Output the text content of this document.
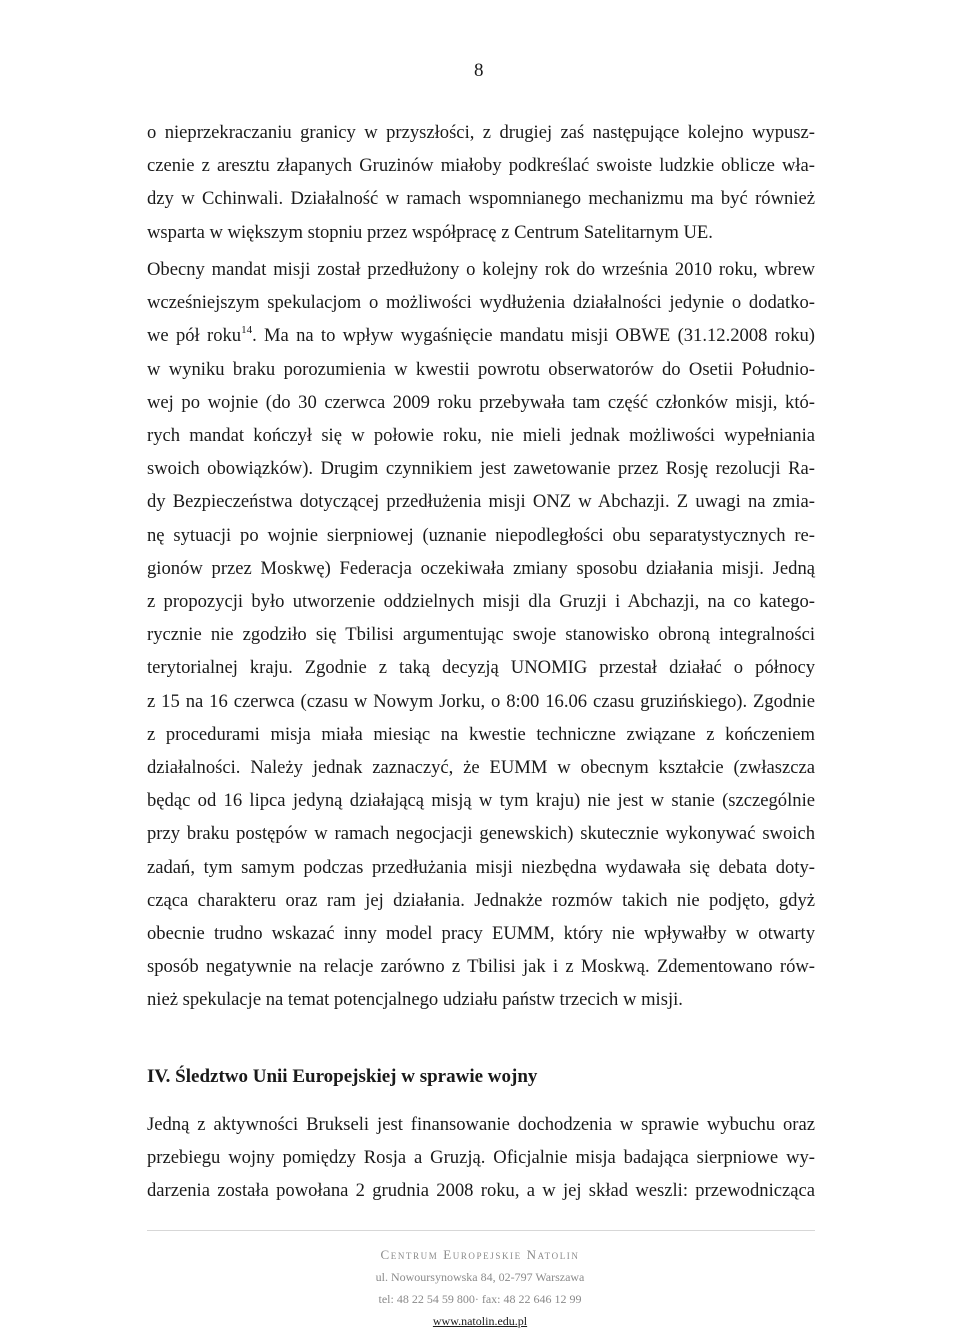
8
o nieprzekraczaniu granicy w przyszłości, z drugiej zaś następujące kolejno wypusz-
czenie z aresztu złapanych Gruzinów miałoby podkreślać swoiste ludzkie oblicze wła-
dzy w Cchinwali. Działalność w ramach wspomnianego mechanizmu ma być również
wsparta w większym stopniu przez współpracę z Centrum Satelitarnym UE.
Obecny mandat misji został przedłużony o kolejny rok do września 2010 roku, wbrew
wcześniejszym spekulacjom o możliwości wydłużenia działalności jedynie o dodatko-
we pół roku$^{14}$. Ma na to wpływ wygaśnięcie mandatu misji OBWE (31.12.2008 roku)
w wyniku braku porozumienia w kwestii powrotu obserwatorów do Osetii Południo-
wej po wojnie (do 30 czerwca 2009 roku przebywała tam część członków misji, któ-
rych mandat kończył się w połowie roku, nie mieli jednak możliwości wypełniania
swoich obowiązków). Drugim czynnikiem jest zawetowanie przez Rosję rezolucji Ra-
dy Bezpieczeństwa dotyczącej przedłużenia misji ONZ w Abchazji. Z uwagi na zmia-
nę sytuacji po wojnie sierpniowej (uznanie niepodległości obu separatystycznych re-
gionów przez Moskwę) Federacja oczekiwała zmiany sposobu działania misji. Jedną
z propozycji było utworzenie oddzielnych misji dla Gruzji i Abchazji, na co katego-
rycznie nie zgodziło się Tbilisi argumentując swoje stanowisko obroną integralności
terytorialnej kraju. Zgodnie z taką decyzją UNOMIG przestał działać o północy
z 15 na 16 czerwca (czasu w Nowym Jorku, o 8:00 16.06 czasu gruzińskiego). Zgodnie
z procedurami misja miała miesiąc na kwestie techniczne związane z kończeniem
działalności. Należy jednak zaznaczyć, że EUMM w obecnym kształcie (zwłaszcza
będąc od 16 lipca jedyną działającą misją w tym kraju) nie jest w stanie (szczególnie
przy braku postępów w ramach negocjacji genewskich) skutecznie wykonywać swoich
zadań, tym samym podczas przedłużania misji niezbędna wydawała się debata doty-
cząca charakteru oraz ram jej działania. Jednakże rozmów takich nie podjęto, gdyż
obecnie trudno wskazać inny model pracy EUMM, który nie wpływałby w otwarty
sposób negatywnie na relacje zarówno z Tbilisi jak i z Moskwą. Zdementowano rów-
nież spekulacje na temat potencjalnego udziału państw trzecich w misji.
IV. Śledztwo Unii Europejskiej w sprawie wojny
Jedną z aktywności Brukseli jest finansowanie dochodzenia w sprawie wybuchu oraz
przebiegu wojny pomiędzy Rosja a Gruzją. Oficjalnie misja badająca sierpniowe wy-
darzenia została powołana 2 grudnia 2008 roku, a w jej skład weszli: przewodnicząca
Centrum Europejskie Natolin
ul. Nowoursynowska 84, 02-797 Warszawa
tel: 48 22 54 59 800· fax: 48 22 646 12 99
www.natolin.edu.pl
